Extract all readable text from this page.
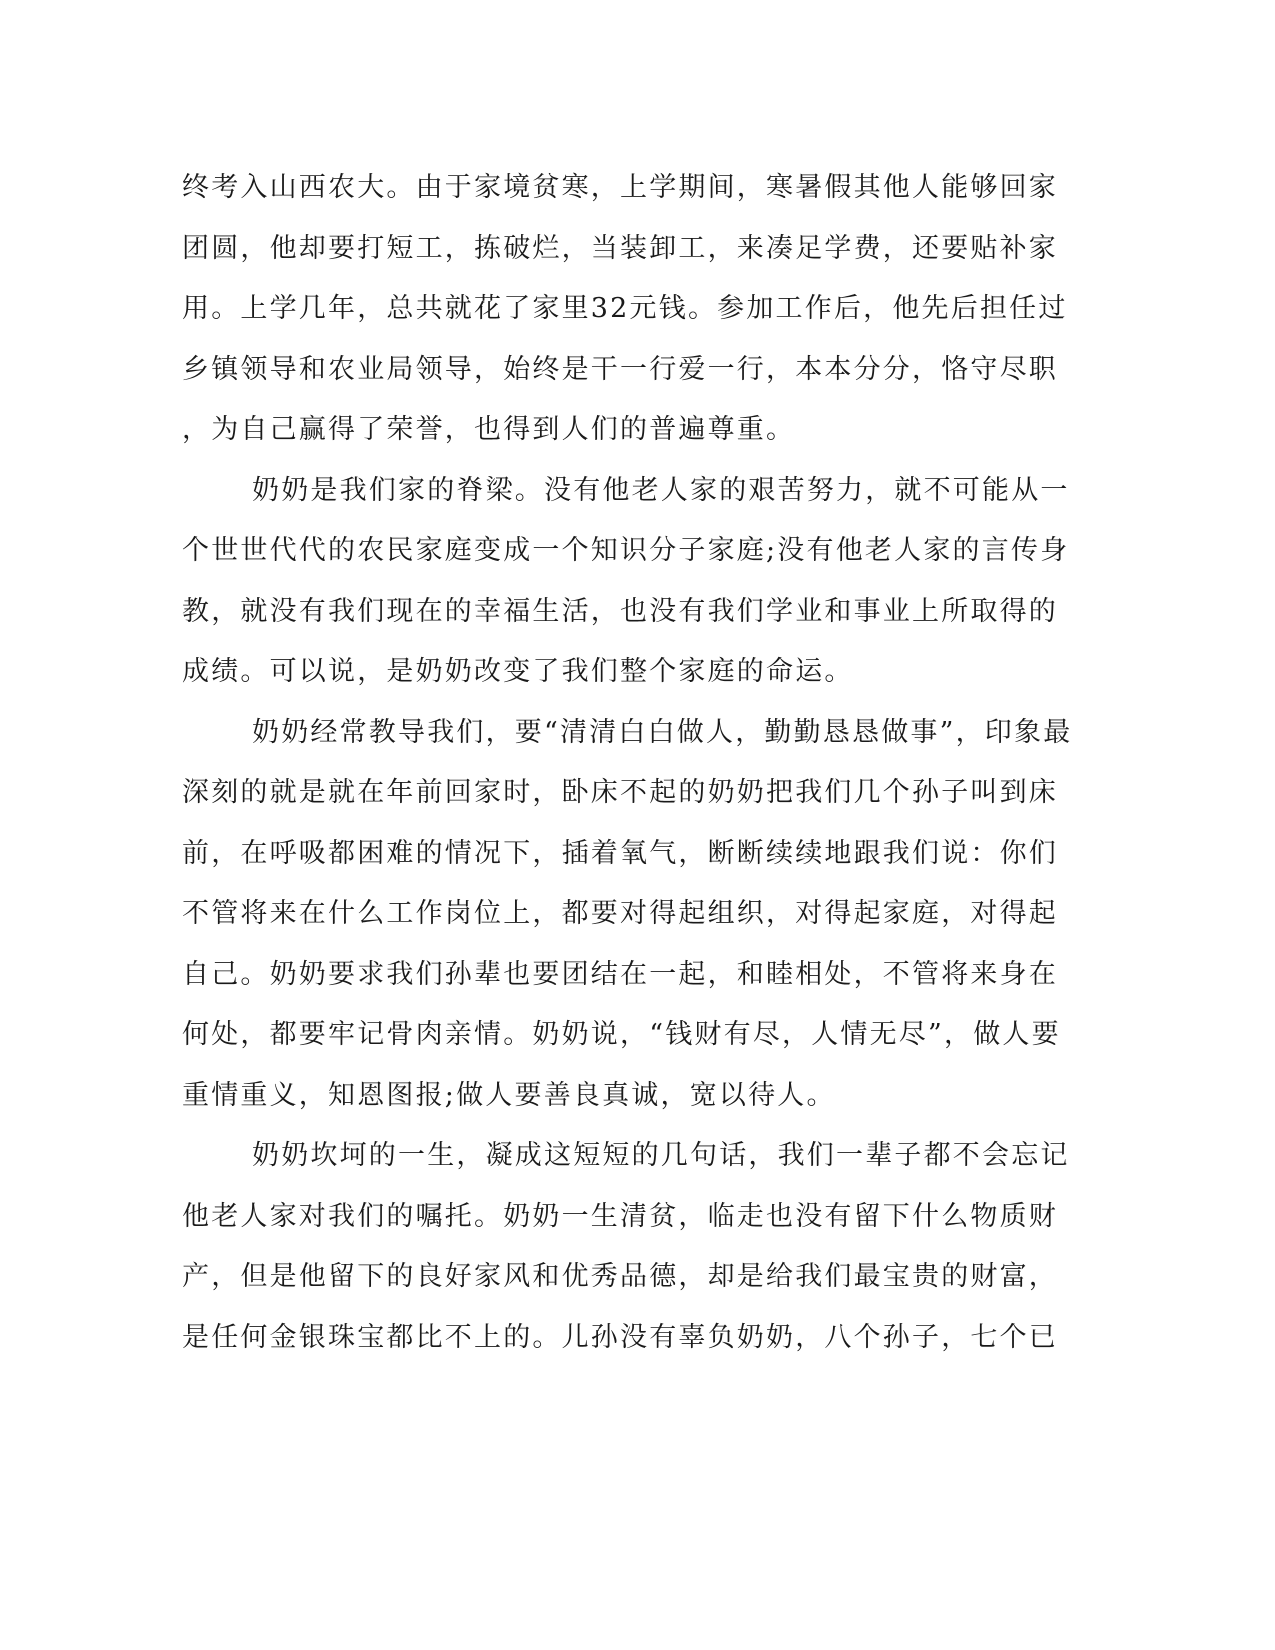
终考入山西农大。由于家境贫寒，上学期间，寒暑假其他人能够回家
团圆，他却要打短工，拣破烂，当装卸工，来凑足学费，还要贴补家
用。上学几年，总共就花了家里32元钱。参加工作后，他先后担任过
乡镇领导和农业局领导，始终是干一行爱一行，本本分分，恪守尽职
，为自己赢得了荣誉，也得到人们的普遍尊重。
奶奶是我们家的脊梁。没有他老人家的艰苦努力，就不可能从一
个世世代代的农民家庭变成一个知识分子家庭;没有他老人家的言传身
教，就没有我们现在的幸福生活，也没有我们学业和事业上所取得的
成绩。可以说，是奶奶改变了我们整个家庭的命运。
奶奶经常教导我们，要“清清白白做人，勤勤恳恳做事”，印象最
深刻的就是就在年前回家时，卧床不起的奶奶把我们几个孙子叫到床
前，在呼吸都困难的情况下，插着氧气，断断续续地跟我们说：你们
不管将来在什么工作岗位上，都要对得起组织，对得起家庭，对得起
自己。奶奶要求我们孙辈也要团结在一起，和睦相处，不管将来身在
何处，都要牢记骨肉亲情。奶奶说，“钱财有尽，人情无尽”，做人要
重情重义，知恩图报;做人要善良真诚，宽以待人。
奶奶坎坷的一生，凝成这短短的几句话，我们一辈子都不会忘记
他老人家对我们的嘱托。奶奶一生清贫，临走也没有留下什么物质财
产，但是他留下的良好家风和优秀品德，却是给我们最宝贵的财富，
是任何金银珠宝都比不上的。儿孙没有辜负奶奶，八个孙子，七个已
